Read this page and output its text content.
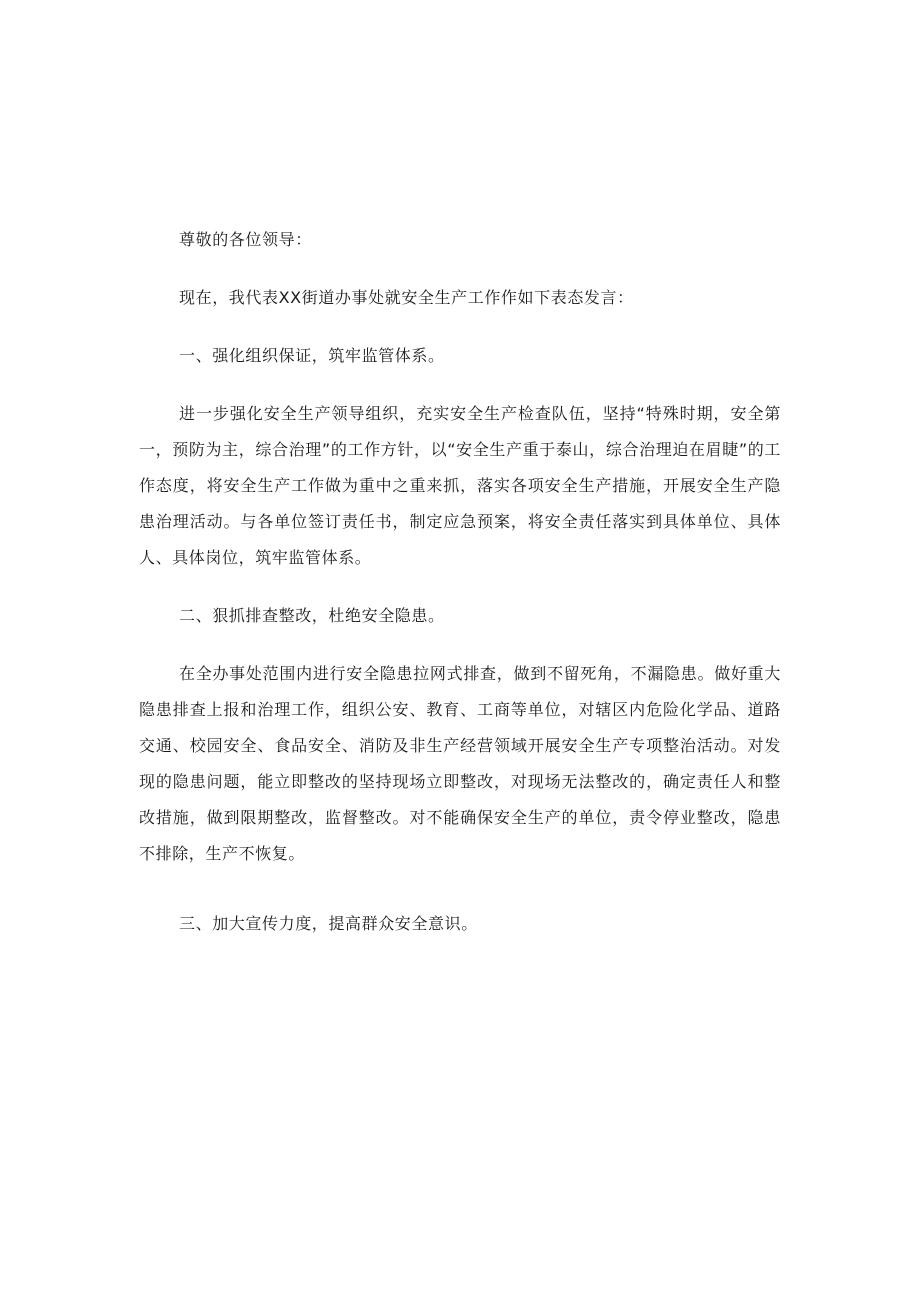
尊敬的各位领导：

现在，我代表XX街道办事处就安全生产工作作如下表态发言：

一、强化组织保证，筑牢监管体系。

进一步强化安全生产领导组织，充实安全生产检查队伍，坚持“特殊时期，安全第一，预防为主，综合治理”的工作方针，以“安全生产重于泰山，综合治理迫在眉睫”的工作态度，将安全生产工作做为重中之重来抓，落实各项安全生产措施，开展安全生产隐患治理活动。与各单位签订责任书，制定应急预案，将安全责任落实到具体单位、具体人、具体岗位，筑牢监管体系。

二、狠抓排查整改，杜绝安全隐患。

在全办事处范围内进行安全隐患拉网式排查，做到不留死角，不漏隐患。做好重大隐患排查上报和治理工作，组织公安、教育、工商等单位，对辖区内危险化学品、道路交通、校园安全、食品安全、消防及非生产经营领域开展安全生产专项整治活动。对发现的隐患问题，能立即整改的坚持现场立即整改，对现场无法整改的，确定责任人和整改措施，做到限期整改，监督整改。对不能确保安全生产的单位，责令停业整改，隐患不排除，生产不恢复。

三、加大宣传力度，提高群众安全意识。
